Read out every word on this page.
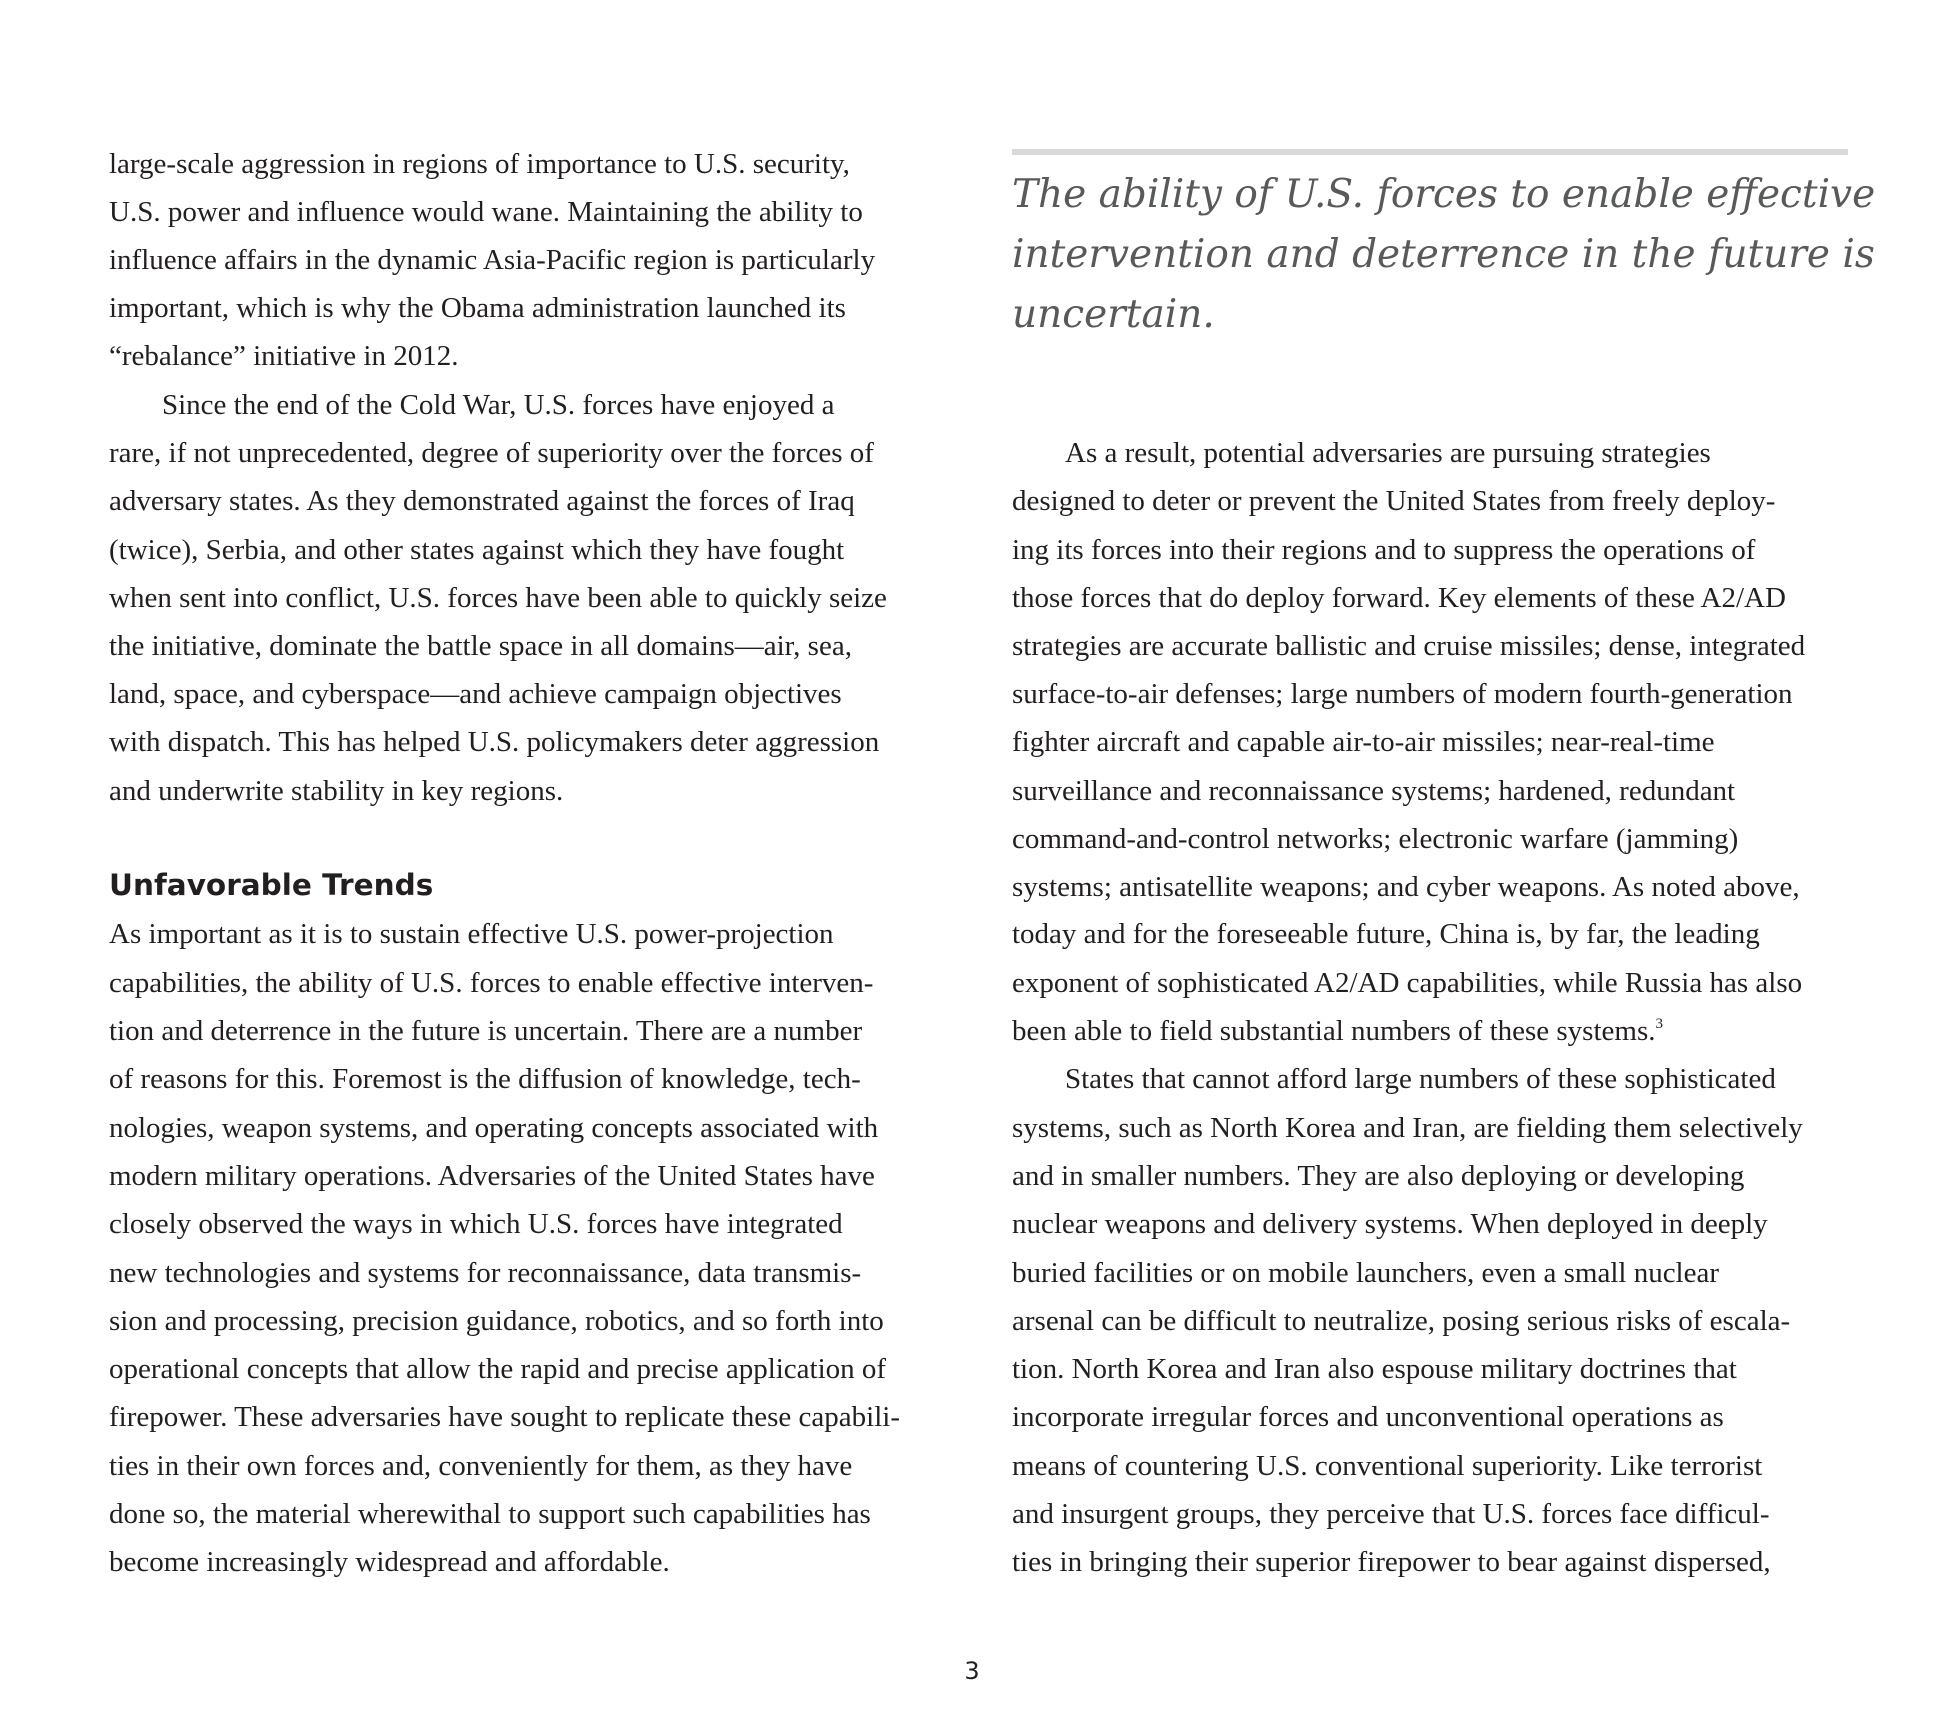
large-scale aggression in regions of importance to U.S. security,
U.S. power and influence would wane. Maintaining the ability to
influence affairs in the dynamic Asia-Pacific region is particularly
important, which is why the Obama administration launched its
“rebalance” initiative in 2012.
Since the end of the Cold War, U.S. forces have enjoyed a
rare, if not unprecedented, degree of superiority over the forces of
adversary states. As they demonstrated against the forces of Iraq
(twice), Serbia, and other states against which they have fought
when sent into conflict, U.S. forces have been able to quickly seize
the initiative, dominate the battle space in all domains—air, sea,
land, space, and cyberspace—and achieve campaign objectives
with dispatch. This has helped U.S. policymakers deter aggression
and underwrite stability in key regions.
Unfavorable Trends
As important as it is to sustain effective U.S. power-projection
capabilities, the ability of U.S. forces to enable effective interven-
tion and deterrence in the future is uncertain. There are a number
of reasons for this. Foremost is the diffusion of knowledge, tech-
nologies, weapon systems, and operating concepts associated with
modern military operations. Adversaries of the United States have
closely observed the ways in which U.S. forces have integrated
new technologies and systems for reconnaissance, data transmis-
sion and processing, precision guidance, robotics, and so forth into
operational concepts that allow the rapid and precise application of
firepower. These adversaries have sought to replicate these capabili-
ties in their own forces and, conveniently for them, as they have
done so, the material wherewithal to support such capabilities has
become increasingly widespread and affordable.
The ability of U.S. forces to enable effective
intervention and deterrence in the future is
uncertain.
As a result, potential adversaries are pursuing strategies
designed to deter or prevent the United States from freely deploy-
ing its forces into their regions and to suppress the operations of
those forces that do deploy forward. Key elements of these A2/AD
strategies are accurate ballistic and cruise missiles; dense, integrated
surface-to-air defenses; large numbers of modern fourth-generation
fighter aircraft and capable air-to-air missiles; near-real-time
surveillance and reconnaissance systems; hardened, redundant
command-and-control networks; electronic warfare (jamming)
systems; antisatellite weapons; and cyber weapons. As noted above,
today and for the foreseeable future, China is, by far, the leading
exponent of sophisticated A2/AD capabilities, while Russia has also
been able to field substantial numbers of these systems.$^3$
States that cannot afford large numbers of these sophisticated
systems, such as North Korea and Iran, are fielding them selectively
and in smaller numbers. They are also deploying or developing
nuclear weapons and delivery systems. When deployed in deeply
buried facilities or on mobile launchers, even a small nuclear
arsenal can be difficult to neutralize, posing serious risks of escala-
tion. North Korea and Iran also espouse military doctrines that
incorporate irregular forces and unconventional operations as
means of countering U.S. conventional superiority. Like terrorist
and insurgent groups, they perceive that U.S. forces face difficul-
ties in bringing their superior firepower to bear against dispersed,
3
